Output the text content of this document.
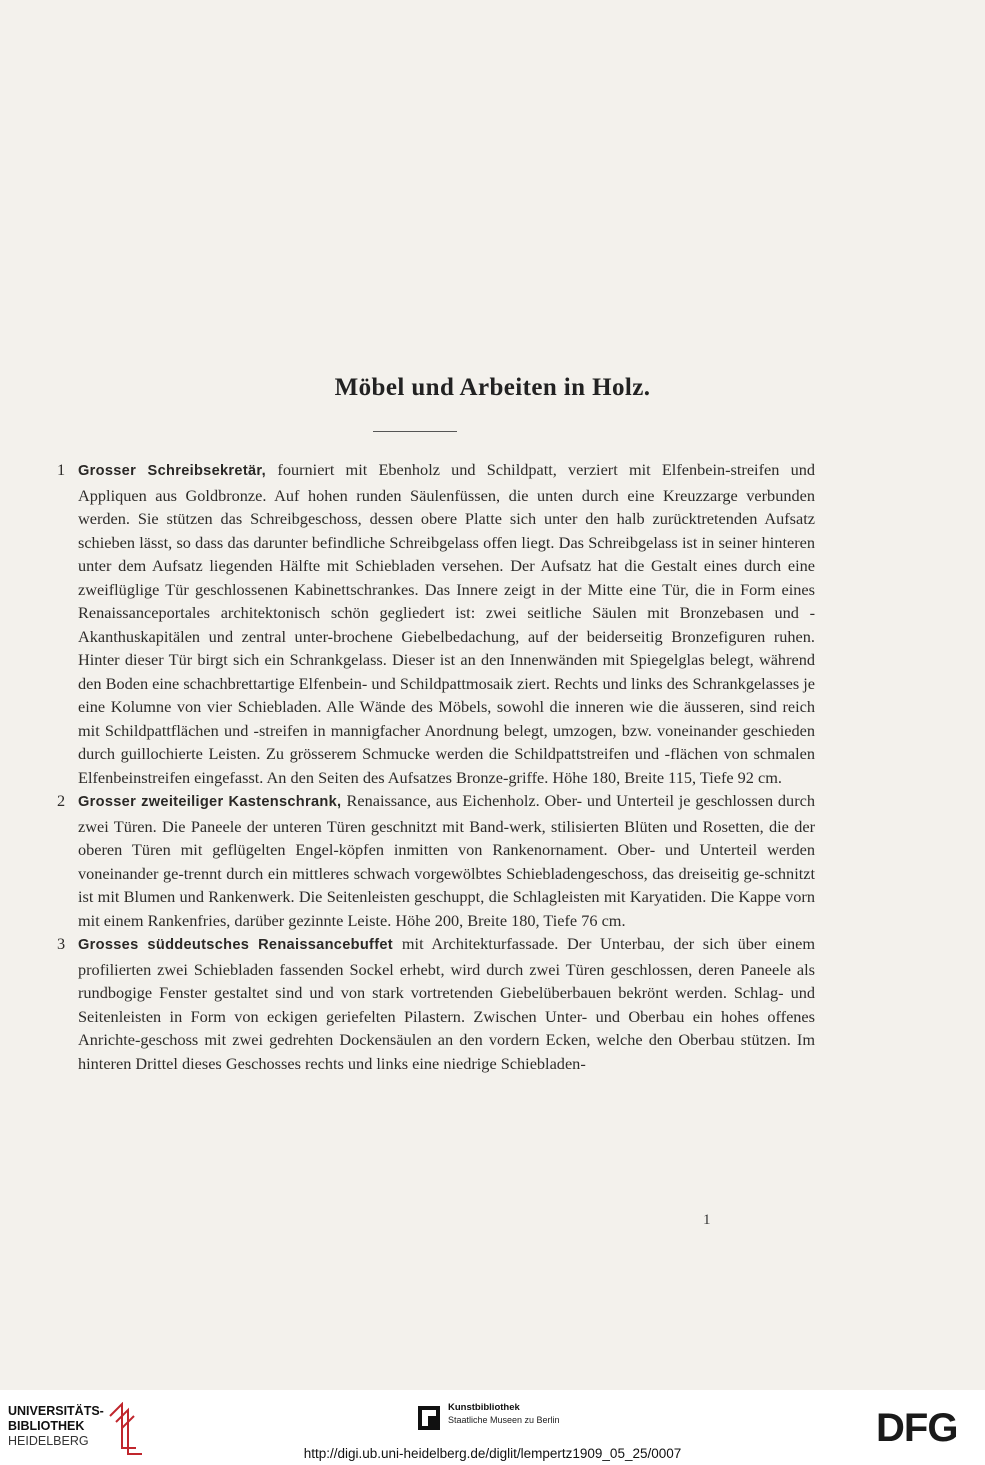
Möbel und Arbeiten in Holz.

1 Grosser Schreibsekretär, fourniert mit Ebenholz und Schildpatt, verziert mit Elfenbein-streifen und Appliquen aus Goldbronze. Auf hohen runden Säulenfüssen, die unten durch eine Kreuzzarge verbunden werden. Sie stützen das Schreibgeschoss, dessen obere Platte sich unter den halb zurücktretenden Aufsatz schieben lässt, so dass das darunter befindliche Schreibgelass offen liegt. Das Schreibgelass ist in seiner hinteren unter dem Aufsatz liegenden Hälfte mit Schiebladen versehen. Der Aufsatz hat die Gestalt eines durch eine zweiflüglige Tür geschlossenen Kabinettschrankes. Das Innere zeigt in der Mitte eine Tür, die in Form eines Renaissanceportales architektonisch schön gegliedert ist: zwei seitliche Säulen mit Bronzebasen und -Akanthuskapitälen und zentral unter-brochene Giebelbedachung, auf der beiderseitig Bronzefiguren ruhen. Hinter dieser Tür birgt sich ein Schrankgelass. Dieser ist an den Innenwänden mit Spiegelglas belegt, während den Boden eine schachbrettartige Elfenbein- und Schildpattmosaik ziert. Rechts und links des Schrankgelasses je eine Kolumne von vier Schiebladen. Alle Wände des Möbels, sowohl die inneren wie die äusseren, sind reich mit Schildpattflächen und -streifen in mannigfacher Anordnung belegt, umzogen, bzw. voneinander geschieden durch guillochierte Leisten. Zu grösserem Schmucke werden die Schildpattstreifen und -flächen von schmalen Elfenbeinstreifen eingefasst. An den Seiten des Aufsatzes Bronze-griffe. Höhe 180, Breite 115, Tiefe 92 cm.

2 Grosser zweiteiliger Kastenschrank, Renaissance, aus Eichenholz. Ober- und Unterteil je geschlossen durch zwei Türen. Die Paneele der unteren Türen geschnitzt mit Band-werk, stilisierten Blüten und Rosetten, die der oberen Türen mit geflügelten Engel-köpfen inmitten von Rankenornament. Ober- und Unterteil werden voneinander ge-trennt durch ein mittleres schwach vorgewölbtes Schiebladengeschoss, das dreiseitig ge-schnitzt ist mit Blumen und Rankenwerk. Die Seitenleisten geschuppt, die Schlagleisten mit Karyatiden. Die Kappe vorn mit einem Rankenfries, darüber gezinnte Leiste. Höhe 200, Breite 180, Tiefe 76 cm.

3 Grosses süddeutsches Renaissancebuffet mit Architekturfassade. Der Unterbau, der sich über einem profilierten zwei Schiebladen fassenden Sockel erhebt, wird durch zwei Türen geschlossen, deren Paneele als rundbogige Fenster gestaltet sind und von stark vortretenden Giebelüberbauen bekrönt werden. Schlag- und Seitenleisten in Form von eckigen geriefelten Pilastern. Zwischen Unter- und Oberbau ein hohes offenes Anrichte-geschoss mit zwei gedrehten Dockensäulen an den vordern Ecken, welche den Oberbau stützen. Im hinteren Drittel dieses Geschosses rechts und links eine niedrige Schiebladen-

1
UNIVERSITÄTS-
BIBLIOTHEK
HEIDELBERG
Kunstbibliothek
Staatliche Museen zu Berlin	DFG
http://digi.ub.uni-heidelberg.de/diglit/lempertz1909_05_25/0007
